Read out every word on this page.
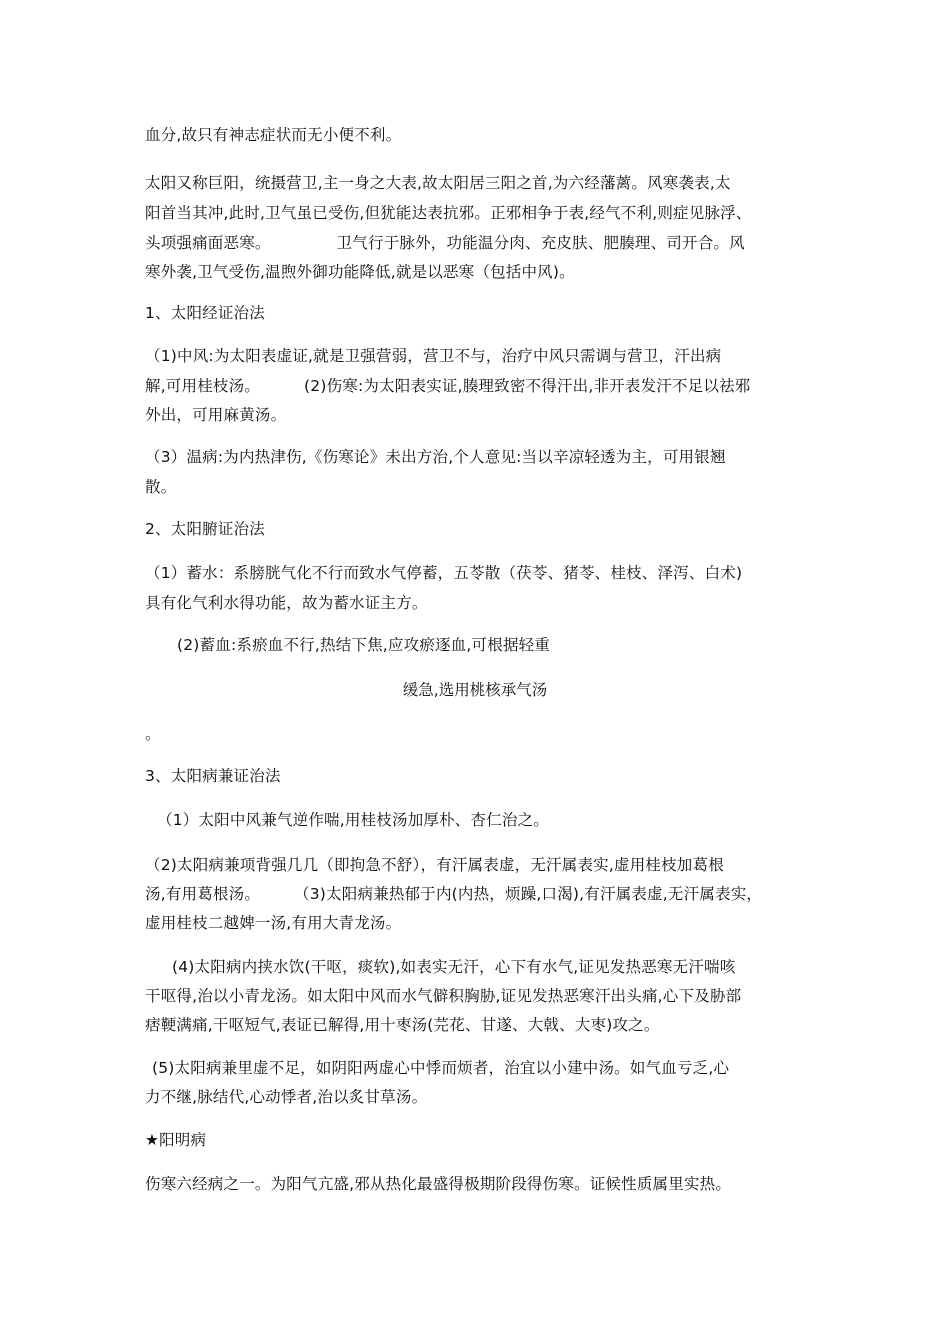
血分,故只有神志症状而无小便不利。
太阳又称巨阳，统摄营卫,主一身之大表,故太阳居三阳之首,为六经藩蓠。风寒袭表,太
阳首当其冲,此时,卫气虽已受伤,但犹能达表抗邪。正邪相争于表,经气不利,则症见脉浮、
头项强痛面恶寒。	卫气行于脉外，功能温分肉、充皮肤、肥腠理、司开合。风
寒外袭,卫气受伤,温煦外御功能降低,就是以恶寒（包括中风)。
1、太阳经证治法
（1)中风:为太阳表虚证,就是卫强营弱，营卫不与，治疗中风只需调与营卫，汗出病
解,可用桂枝汤。	(2)伤寒:为太阳表实证,腠理致密不得汗出,非开表发汗不足以祛邪
外出，可用麻黄汤。
（3）温病:为内热津伤,《伤寒论》未出方治,个人意见:当以辛凉轻透为主，可用银翘
散。
2、太阳腑证治法
（1）蓄水：系膀胱气化不行而致水气停蓄，五苓散（茯苓、猪苓、桂枝、泽泻、白术)
具有化气利水得功能，故为蓄水证主方。
(2)蓄血:系瘀血不行,热结下焦,应攻瘀逐血,可根据轻重
缓急,选用桃核承气汤
。
3、太阳病兼证治法
（1）太阳中风兼气逆作喘,用桂枝汤加厚朴、杏仁治之。
（2)太阳病兼项背强几几（即拘急不舒），有汗属表虚，无汗属表实,虚用桂枝加葛根
汤,有用葛根汤。 （3)太阳病兼热郁于内(内热，烦躁,口渴),有汗属表虚,无汗属表实，
虚用桂枝二越婢一汤,有用大青龙汤。
(4)太阳病内挟水饮(干呕，痰软),如表实无汗，心下有水气,证见发热恶寒无汗喘咳
干呕得,治以小青龙汤。如太阳中风而水气僻积胸胁,证见发热恶寒汗出头痛,心下及胁部
痞鞕满痛,干呕短气,表证已解得,用十枣汤(芫花、甘遂、大戟、大枣)攻之。
(5)太阳病兼里虚不足，如阴阳两虚心中悸而烦者，治宜以小建中汤。如气血亏乏,心
力不继,脉结代,心动悸者,治以炙甘草汤。
★阳明病
伤寒六经病之一。为阳气亢盛,邪从热化最盛得极期阶段得伤寒。证候性质属里实热。
